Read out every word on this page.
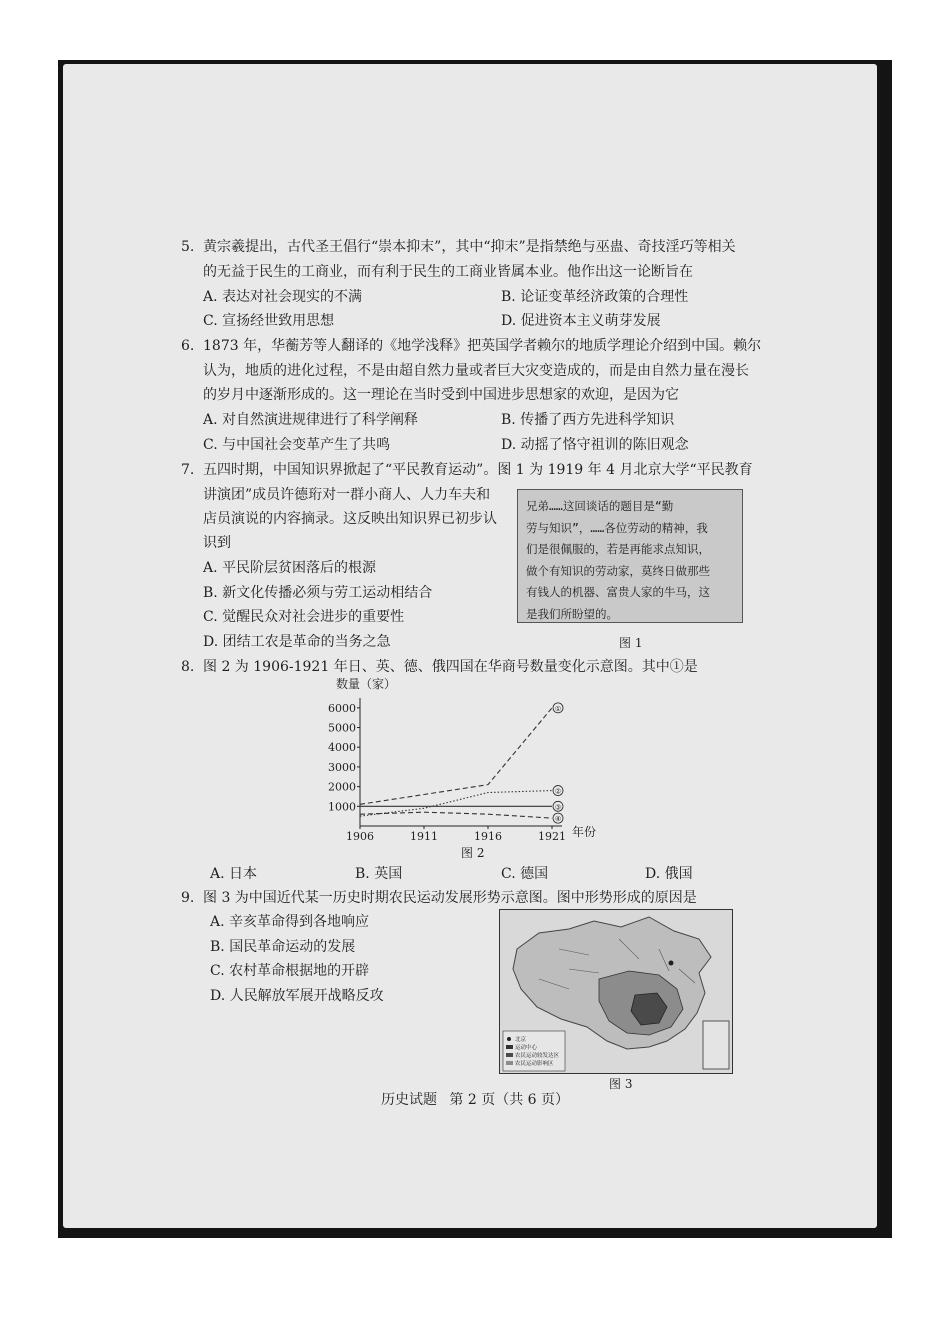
5. 黄宗羲提出，古代圣王倡行“崇本抑末”，其中“抑末”是指禁绝与巫蛊、奇技淫巧等相关
的无益于民生的工商业，而有利于民生的工商业皆属本业。他作出这一论断旨在
A. 表达对社会现实的不满	B. 论证变革经济政策的合理性
C. 宣扬经世致用思想	D. 促进资本主义萌芽发展
6. 1873 年，华蘅芳等人翻译的《地学浅释》把英国学者赖尔的地质学理论介绍到中国。赖尔
认为，地质的进化过程，不是由超自然力量或者巨大灾变造成的，而是由自然力量在漫长
的岁月中逐渐形成的。这一理论在当时受到中国进步思想家的欢迎，是因为它
A. 对自然演进规律进行了科学阐释	B. 传播了西方先进科学知识
C. 与中国社会变革产生了共鸣	D. 动摇了恪守祖训的陈旧观念
7. 五四时期，中国知识界掀起了“平民教育运动”。图 1 为 1919 年 4 月北京大学“平民教育
讲演团”成员许德珩对一群小商人、人力车夫和
店员演说的内容摘录。这反映出知识界已初步认
识到
A. 平民阶层贫困落后的根源
B. 新文化传播必须与劳工运动相结合
C. 觉醒民众对社会进步的重要性
D. 团结工农是革命的当务之急
兄弟……这回谈话的题目是“勤
劳与知识”，……各位劳动的精神，我
们是很佩服的，若是再能求点知识，
做个有知识的劳动家，莫终日做那些
有钱人的机器、富贵人家的牛马，这
是我们所盼望的。
图 1
8. 图 2 为 1906-1921 年日、英、德、俄四国在华商号数量变化示意图。其中①是
数量（家）
1000
2000
3000
4000
5000
6000
1906	1911	1916	1921
①
②
③
④
年份
图 2
A. 日本	B. 英国	C. 德国	D. 俄国
9. 图 3 为中国近代某一历史时期农民运动发展形势示意图。图中形势形成的原因是
A. 辛亥革命得到各地响应
B. 国民革命运动的发展
C. 农村革命根据地的开辟
D. 人民解放军展开战略反攻
北京
运动中心
农民运动较发达区
农民运动影响区
图 3
历史试题 第 2 页（共 6 页）
